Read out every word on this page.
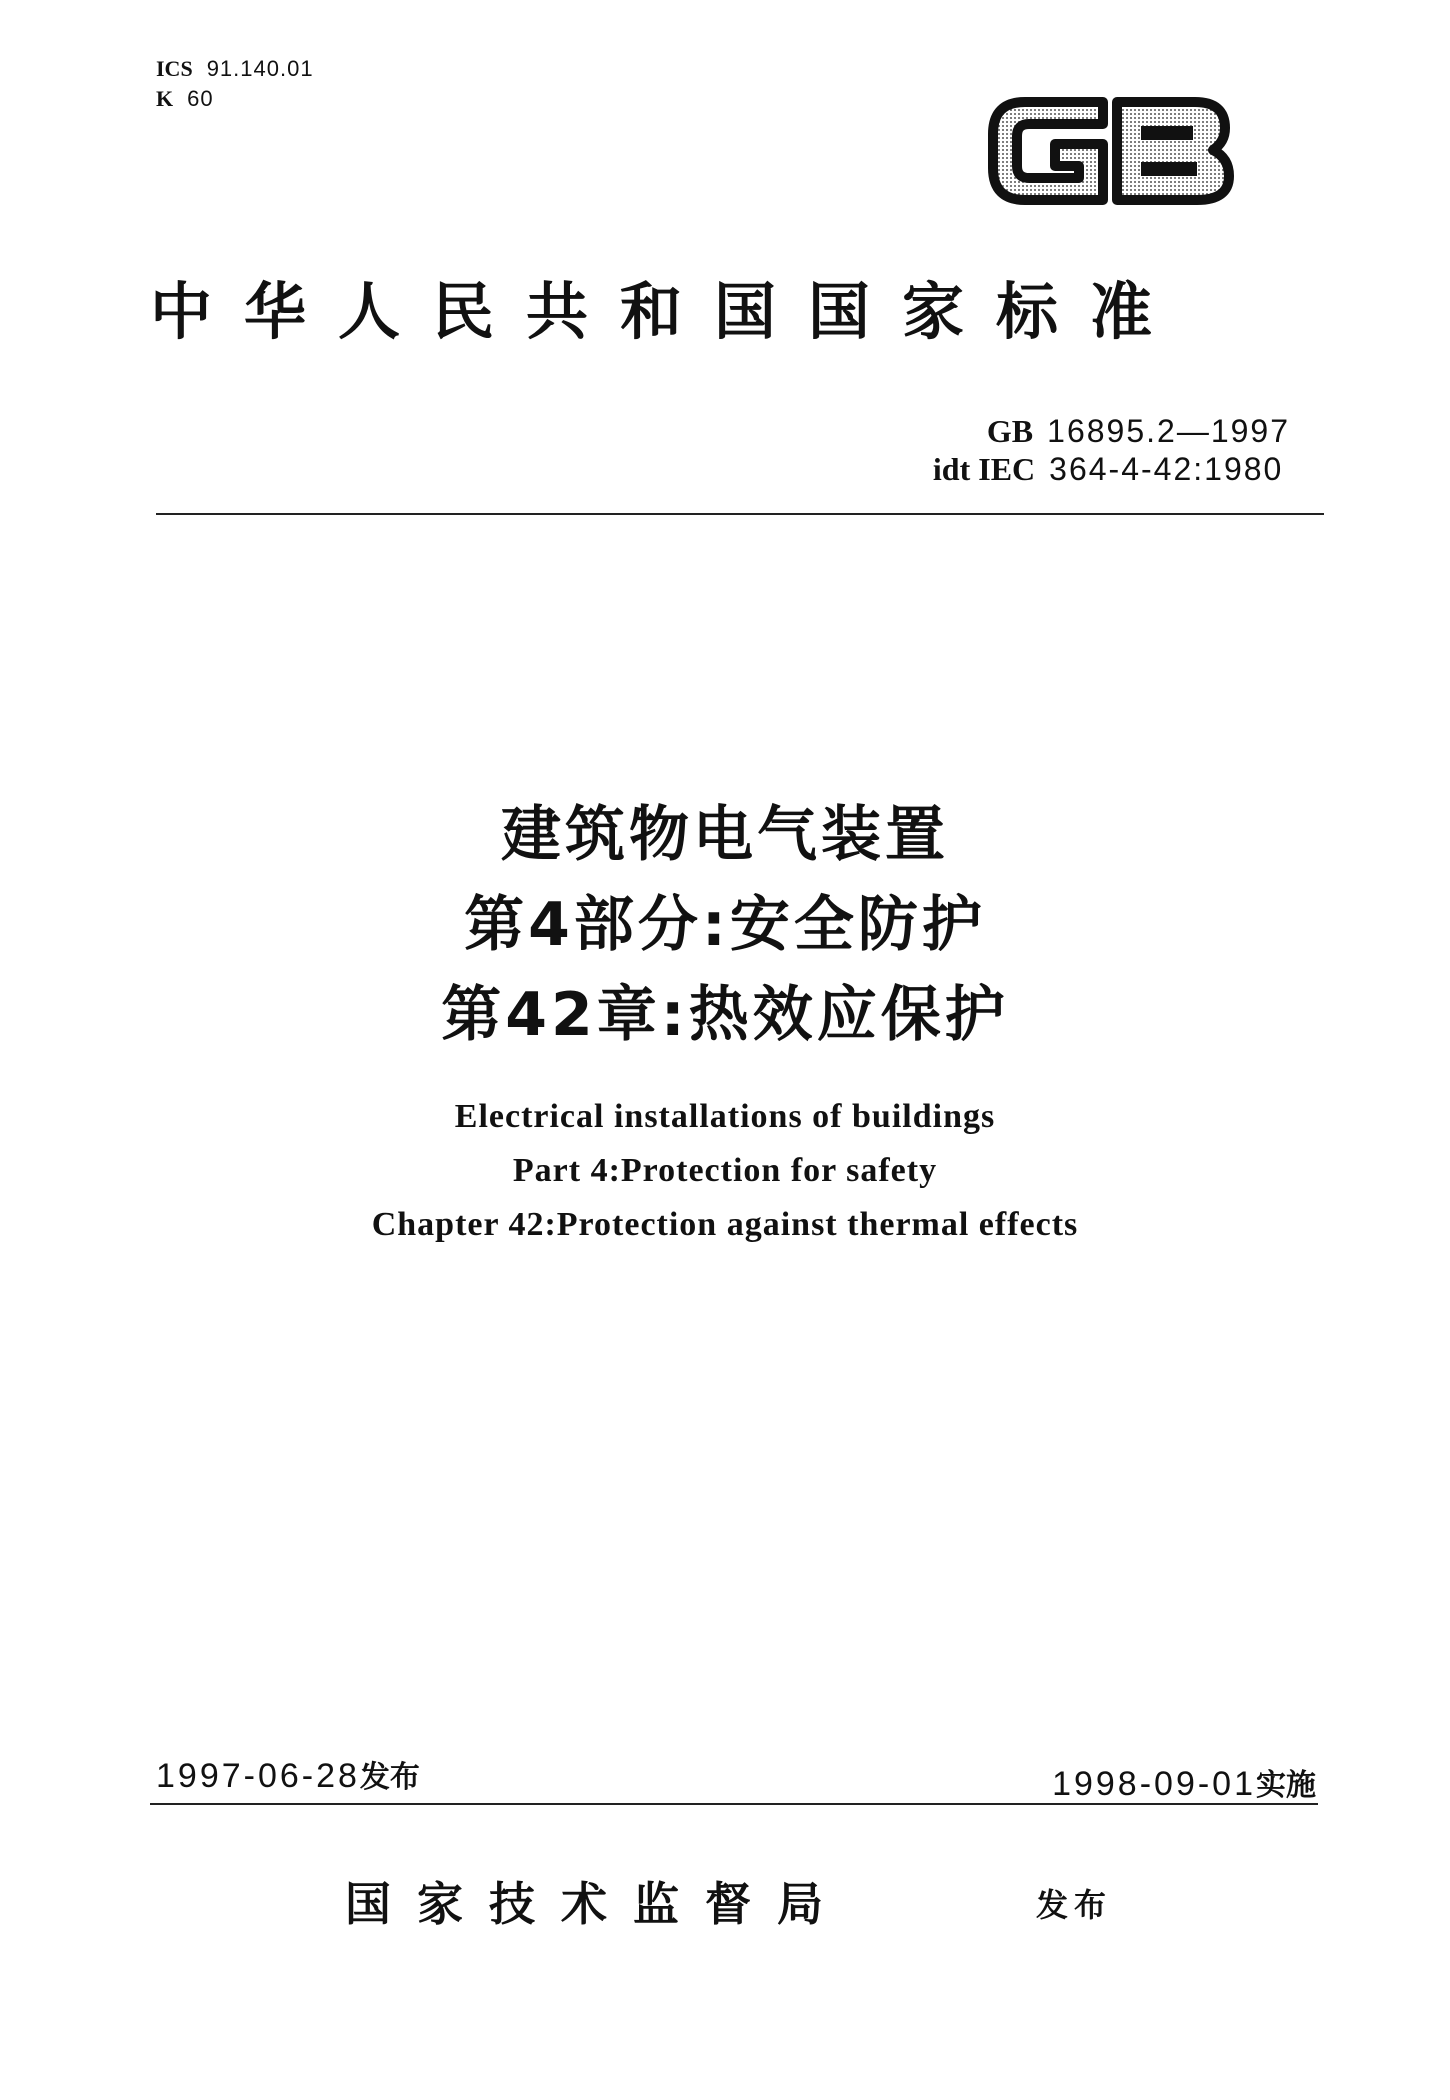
ICS 91.140.01
K 60
中华人民共和国国家标准
GB 16895.2—1997
idt IEC 364-4-42:1980
建筑物电气装置
第4部分:安全防护
第42章:热效应保护
Electrical installations of buildings
Part 4:Protection for safety
Chapter 42:Protection against thermal effects
1997-06-28发布	1998-09-01实施
国家技术监督局	发布
